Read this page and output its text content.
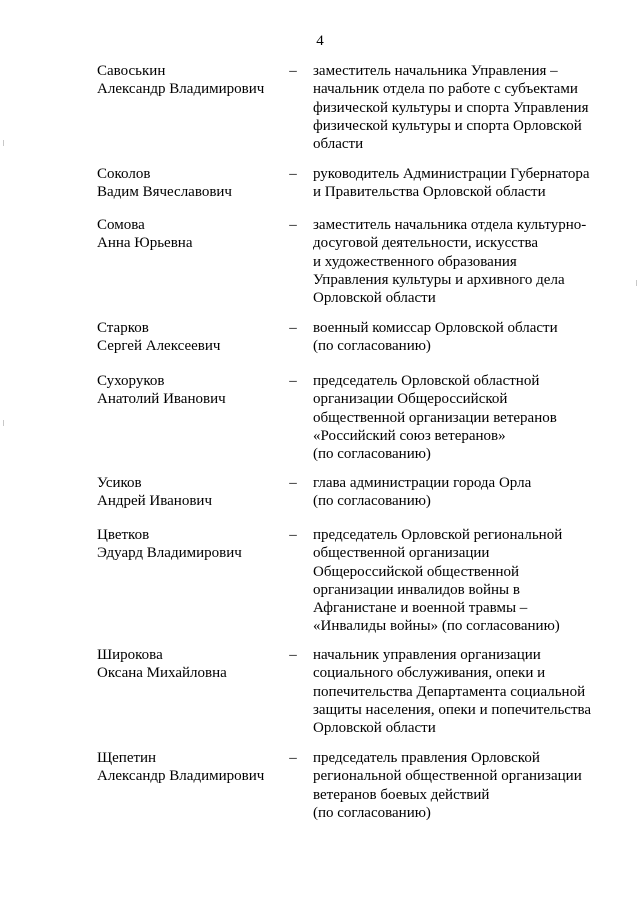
4
Савоськин
Александр Владимирович
– заместитель начальника Управления –
начальник отдела по работе с субъектами
физической культуры и спорта Управления
физической культуры и спорта Орловской
области
Соколов
Вадим Вячеславович
– руководитель Администрации Губернатора
и Правительства Орловской области
Сомова
Анна Юрьевна
– заместитель начальника отдела культурно-
досуговой деятельности, искусства
и художественного образования
Управления культуры и архивного дела
Орловской области
Старков
Сергей Алексеевич
– военный комиссар Орловской области
(по согласованию)
Сухоруков
Анатолий Иванович
– председатель Орловской областной
организации Общероссийской
общественной организации ветеранов
«Российский союз ветеранов»
(по согласованию)
Усиков
Андрей Иванович
– глава администрации города Орла
(по согласованию)
Цветков
Эдуард Владимирович
– председатель Орловской региональной
общественной организации
Общероссийской общественной
организации инвалидов войны в
Афганистане и военной травмы –
«Инвалиды войны» (по согласованию)
Широкова
Оксана Михайловна
– начальник управления организации
социального обслуживания, опеки и
попечительства Департамента социальной
защиты населения, опеки и попечительства
Орловской области
Щепетин
Александр Владимирович
– председатель правления Орловской
региональной общественной организации
ветеранов боевых действий
(по согласованию)
